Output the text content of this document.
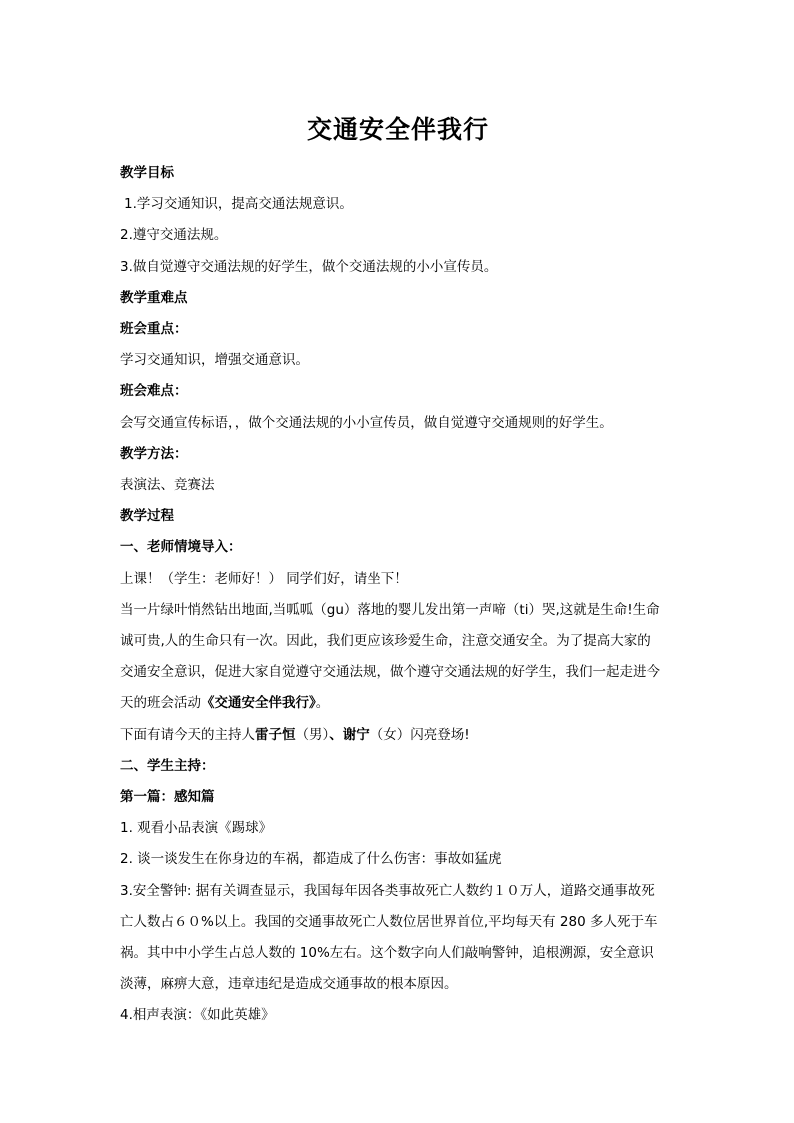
交通安全伴我行
教学目标
1.学习交通知识，提高交通法规意识。
2.遵守交通法规。
3.做自觉遵守交通法规的好学生，做个交通法规的小小宣传员。
教学重难点
班会重点：
学习交通知识，增强交通意识。
班会难点：
会写交通宣传标语，，做个交通法规的小小宣传员，做自觉遵守交通规则的好学生。
教学方法：
表演法、竞赛法
教学过程
一、老师情境导入：
上课！（学生：老师好！） 同学们好，请坐下！
当一片绿叶悄然钻出地面,当呱呱（gu）落地的婴儿发出第一声啼（ti）哭,这就是生命!生命
诚可贵,人的生命只有一次。因此，我们更应该珍爱生命，注意交通安全。为了提高大家的
交通安全意识，促进大家自觉遵守交通法规，做个遵守交通法规的好学生，我们一起走进今
天的班会活动《交通安全伴我行》。
下面有请今天的主持人雷子恒（男）、谢宁（女）闪亮登场!
二、学生主持：
第一篇：感知篇
1. 观看小品表演《踢球》
2. 谈一谈发生在你身边的车祸，都造成了什么伤害：事故如猛虎
3.安全警钟: 据有关调查显示，我国每年因各类事故死亡人数约１０万人，道路交通事故死
亡人数占６０%以上。我国的交通事故死亡人数位居世界首位,平均每天有 280 多人死于车
祸。其中中小学生占总人数的 10%左右。这个数字向人们敲响警钟，追根溯源，安全意识
淡薄，麻痹大意，违章违纪是造成交通事故的根本原因。
4.相声表演：《如此英雄》
